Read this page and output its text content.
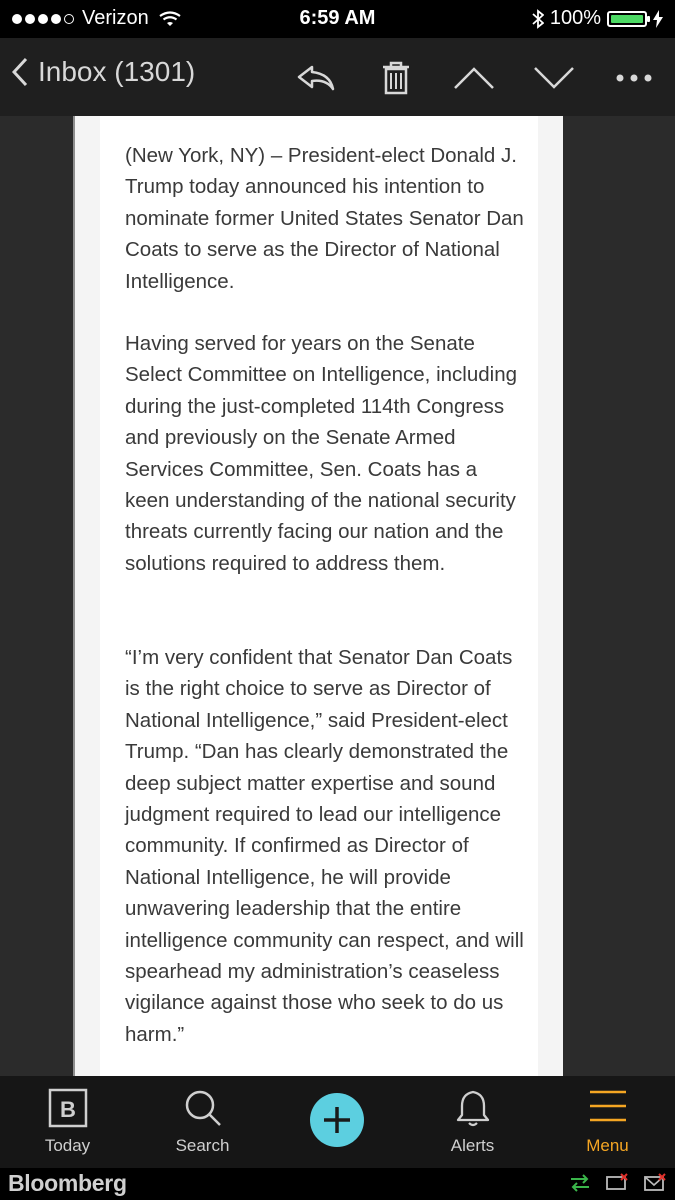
Verizon	6:59 AM	100%
Inbox (1301)

(New York, NY) – President-elect Donald J. Trump today announced his intention to nominate former United States Senator Dan Coats to serve as the Director of National Intelligence.

Having served for years on the Senate Select Committee on Intelligence, including during the just-completed 114th Congress and previously on the Senate Armed Services Committee, Sen. Coats has a keen understanding of the national security threats currently facing our nation and the solutions required to address them.

“I’m very confident that Senator Dan Coats is the right choice to serve as Director of National Intelligence,” said President-elect Trump. “Dan has clearly demonstrated the deep subject matter expertise and sound judgment required to lead our intelligence community. If confirmed as Director of National Intelligence, he will provide unwavering leadership that the entire intelligence community can respect, and will spearhead my administration’s ceaseless vigilance against those who seek to do us harm.”

B
Today	Search	Alerts	Menu
Bloomberg
